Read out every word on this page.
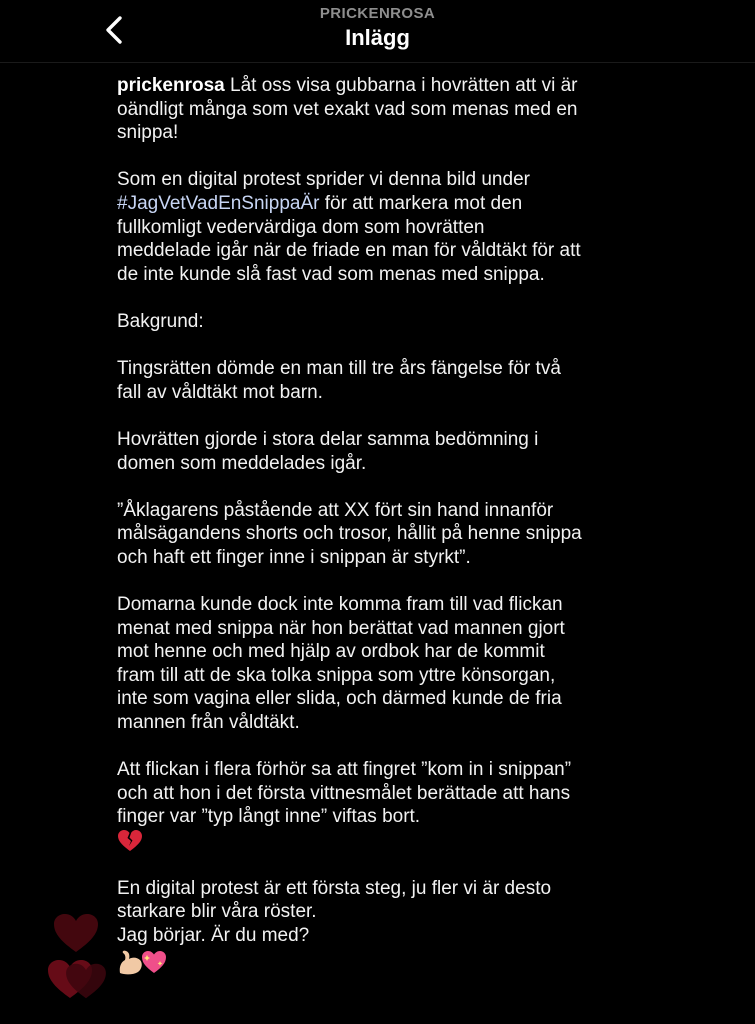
PRICKENROSA
Inlägg

prickenrosa Låt oss visa gubbarna i hovrätten att vi är
oändligt många som vet exakt vad som menas med en
snippa!

Som en digital protest sprider vi denna bild under
#JagVetVadEnSnippaÄr för att markera mot den
fullkomligt vedervärdiga dom som hovrätten
meddelade igår när de friade en man för våldtäkt för att
de inte kunde slå fast vad som menas med snippa.

Bakgrund:

Tingsrätten dömde en man till tre års fängelse för två
fall av våldtäkt mot barn.

Hovrätten gjorde i stora delar samma bedömning i
domen som meddelades igår.

”Åklagarens påstående att XX fört sin hand innanför
målsägandens shorts och trosor, hållit på henne snippa
och haft ett finger inne i snippan är styrkt”.

Domarna kunde dock inte komma fram till vad flickan
menat med snippa när hon berättat vad mannen gjort
mot henne och med hjälp av ordbok har de kommit
fram till att de ska tolka snippa som yttre könsorgan,
inte som vagina eller slida, och därmed kunde de fria
mannen från våldtäkt.

Att flickan i flera förhör sa att fingret ”kom in i snippan”
och att hon i det första vittnesmålet berättade att hans
finger var ”typ långt inne” viftas bort.

En digital protest är ett första steg, ju fler vi är desto
starkare blir våra röster.
Jag börjar. Är du med?
